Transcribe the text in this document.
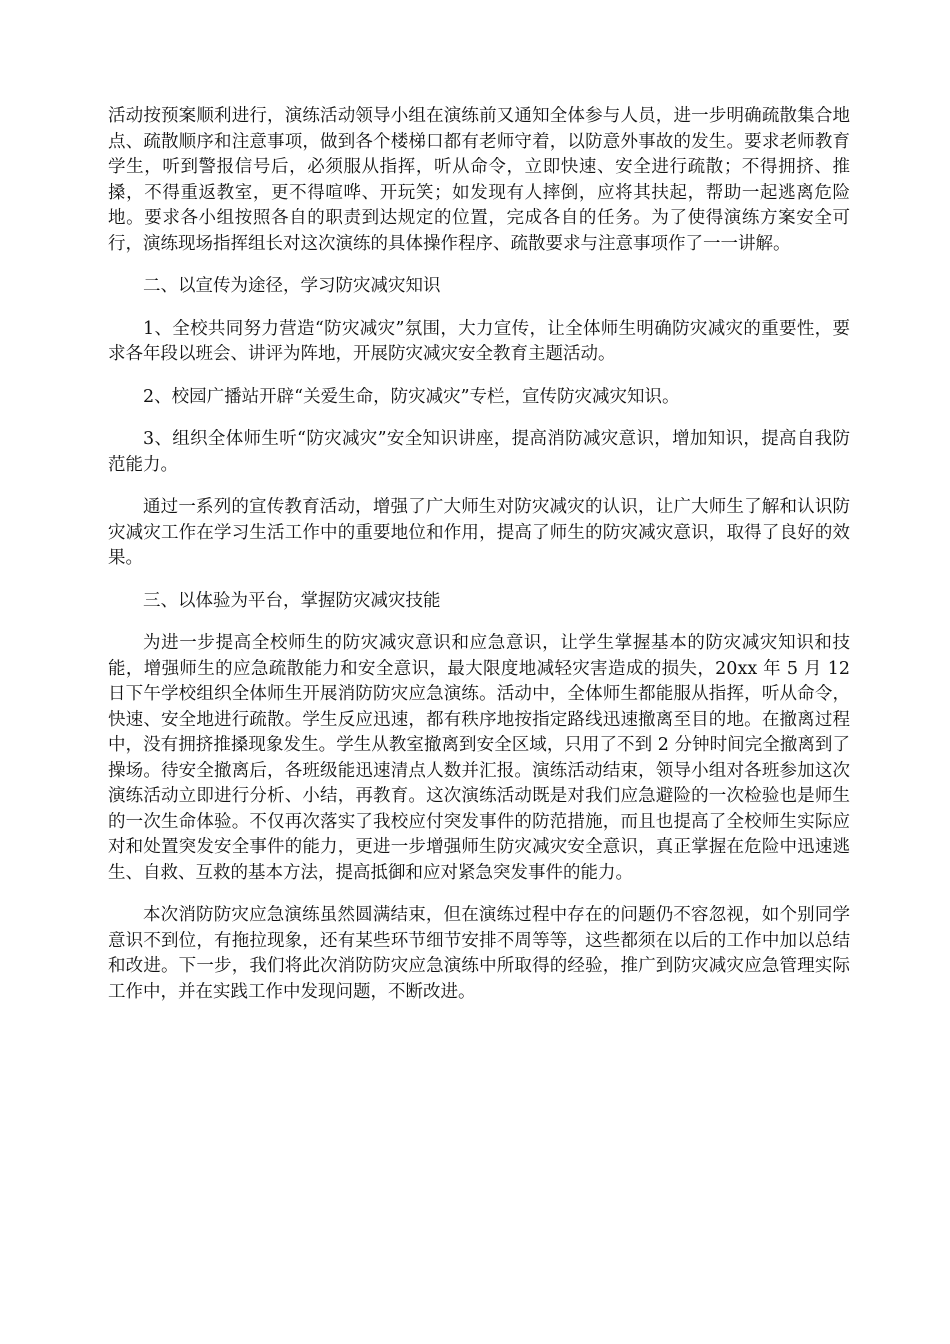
活动按预案顺利进行，演练活动领导小组在演练前又通知全体参与人员，进一步明确疏散集合地点、疏散顺序和注意事项，做到各个楼梯口都有老师守着，以防意外事故的发生。要求老师教育学生，听到警报信号后，必须服从指挥，听从命令，立即快速、安全进行疏散；不得拥挤、推搡，不得重返教室，更不得喧哗、开玩笑；如发现有人摔倒，应将其扶起，帮助一起逃离危险地。要求各小组按照各自的职责到达规定的位置，完成各自的任务。为了使得演练方案安全可行，演练现场指挥组长对这次演练的具体操作程序、疏散要求与注意事项作了一一讲解。

二、以宣传为途径，学习防灾减灾知识

1、全校共同努力营造“防灾减灾”氛围，大力宣传，让全体师生明确防灾减灾的重要性，要求各年段以班会、讲评为阵地，开展防灾减灾安全教育主题活动。

2、校园广播站开辟“关爱生命，防灾减灾”专栏，宣传防灾减灾知识。

3、组织全体师生听“防灾减灾”安全知识讲座，提高消防减灾意识，增加知识，提高自我防范能力。

通过一系列的宣传教育活动，增强了广大师生对防灾减灾的认识，让广大师生了解和认识防灾减灾工作在学习生活工作中的重要地位和作用，提高了师生的防灾减灾意识，取得了良好的效果。

三、以体验为平台，掌握防灾减灾技能

为进一步提高全校师生的防灾减灾意识和应急意识，让学生掌握基本的防灾减灾知识和技能，增强师生的应急疏散能力和安全意识，最大限度地减轻灾害造成的损失，20xx 年 5 月 12 日下午学校组织全体师生开展消防防灾应急演练。活动中，全体师生都能服从指挥，听从命令，快速、安全地进行疏散。学生反应迅速，都有秩序地按指定路线迅速撤离至目的地。在撤离过程中，没有拥挤推搡现象发生。学生从教室撤离到安全区域，只用了不到 2 分钟时间完全撤离到了操场。待安全撤离后，各班级能迅速清点人数并汇报。演练活动结束，领导小组对各班参加这次演练活动立即进行分析、小结，再教育。这次演练活动既是对我们应急避险的一次检验也是师生的一次生命体验。不仅再次落实了我校应付突发事件的防范措施，而且也提高了全校师生实际应对和处置突发安全事件的能力，更进一步增强师生防灾减灾安全意识，真正掌握在危险中迅速逃生、自救、互救的基本方法，提高抵御和应对紧急突发事件的能力。

本次消防防灾应急演练虽然圆满结束，但在演练过程中存在的问题仍不容忽视，如个别同学意识不到位，有拖拉现象，还有某些环节细节安排不周等等，这些都须在以后的工作中加以总结和改进。下一步，我们将此次消防防灾应急演练中所取得的经验，推广到防灾减灾应急管理实际工作中，并在实践工作中发现问题，不断改进。
